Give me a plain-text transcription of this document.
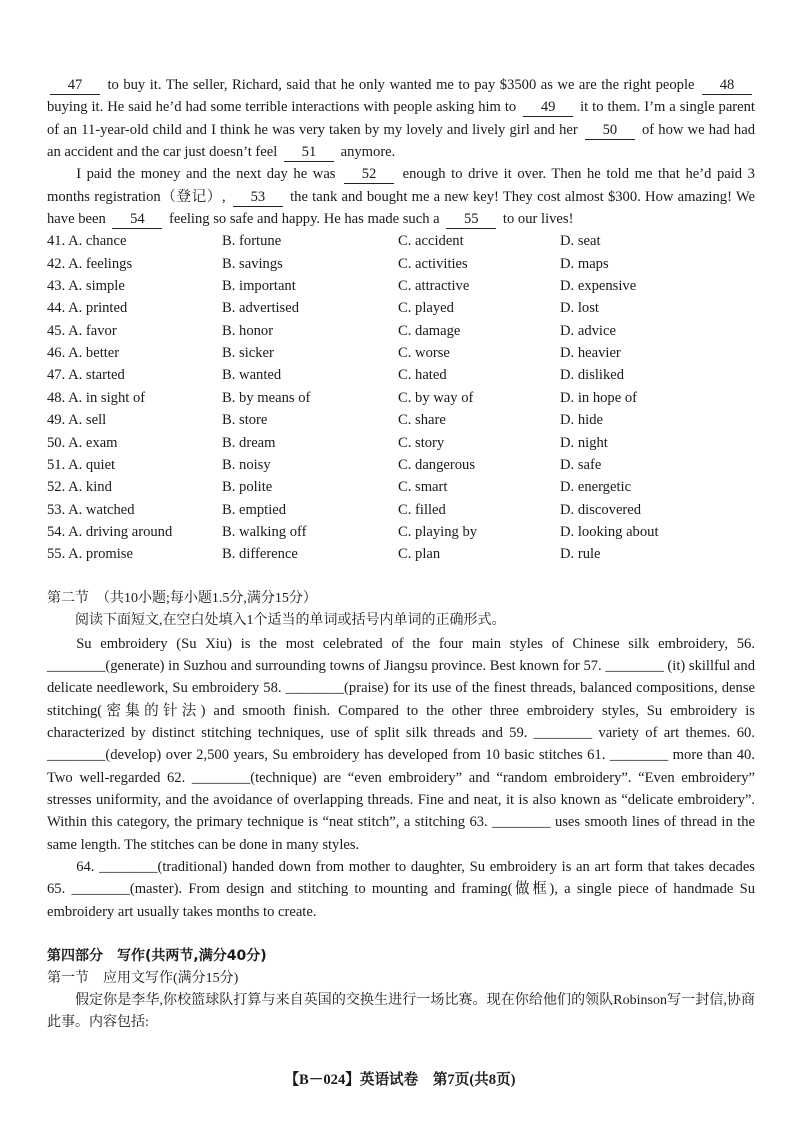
47 to buy it. The seller, Richard, said that he only wanted me to pay $3500 as we are the right people 48 buying it. He said he’d had some terrible interactions with people asking him to 49 it to them. I’m a single parent of an 11-year-old child and I think he was very taken by my lovely and lively girl and her 50 of how we had had an accident and the car just doesn’t feel 51 anymore.

I paid the money and the next day he was 52 enough to drive it over. Then he told me that he’d paid 3 months registration（登记）, 53 the tank and bought me a new key! They cost almost $300. How amazing! We have been 54 feeling so safe and happy. He has made such a 55 to our lives!

41. A. chance	B. fortune	C. accident	D. seat
42. A. feelings	B. savings	C. activities	D. maps
43. A. simple	B. important	C. attractive	D. expensive
44. A. printed	B. advertised	C. played	D. lost
45. A. favor	B. honor	C. damage	D. advice
46. A. better	B. sicker	C. worse	D. heavier
47. A. started	B. wanted	C. hated	D. disliked
48. A. in sight of	B. by means of	C. by way of	D. in hope of
49. A. sell	B. store	C. share	D. hide
50. A. exam	B. dream	C. story	D. night
51. A. quiet	B. noisy	C. dangerous	D. safe
52. A. kind	B. polite	C. smart	D. energetic
53. A. watched	B. emptied	C. filled	D. discovered
54. A. driving around	B. walking off	C. playing by	D. looking about
55. A. promise	B. difference	C. plan	D. rule

第二节　（共10小题;每小题1.5分,满分15分）

阅读下面短文,在空白处填入1个适当的单词或括号内单词的正确形式。

Su embroidery (Su Xiu) is the most celebrated of the four main styles of Chinese silk embroidery, 56. ________(generate) in Suzhou and surrounding towns of Jiangsu province. Best known for 57. ________ (it) skillful and delicate needlework, Su embroidery 58. ________(praise) for its use of the finest threads, balanced compositions, dense stitching(密集的针法) and smooth finish. Compared to the other three embroidery styles, Su embroidery is characterized by distinct stitching techniques, use of split silk threads and 59. ________ variety of art themes. 60. ________(develop) over 2,500 years, Su embroidery has developed from 10 basic stitches 61. ________ more than 40. Two well-regarded 62. ________(technique) are “even embroidery” and “random embroidery”. “Even embroidery” stresses uniformity, and the avoidance of overlapping threads. Fine and neat, it is also known as “delicate embroidery”. Within this category, the primary technique is “neat stitch”, a stitching 63. ________ uses smooth lines of thread in the same length. The stitches can be done in many styles.

64. ________(traditional) handed down from mother to daughter, Su embroidery is an art form that takes decades 65. ________(master). From design and stitching to mounting and framing(做框), a single piece of handmade Su embroidery art usually takes months to create.

第四部分　写作(共两节,满分40分)

第一节　应用文写作(满分15分)

假定你是李华,你校篮球队打算与来自英国的交换生进行一场比赛。现在你给他们的领队Robinson写一封信,协商此事。内容包括:

【B－024】英语试卷　第7页(共8页)
